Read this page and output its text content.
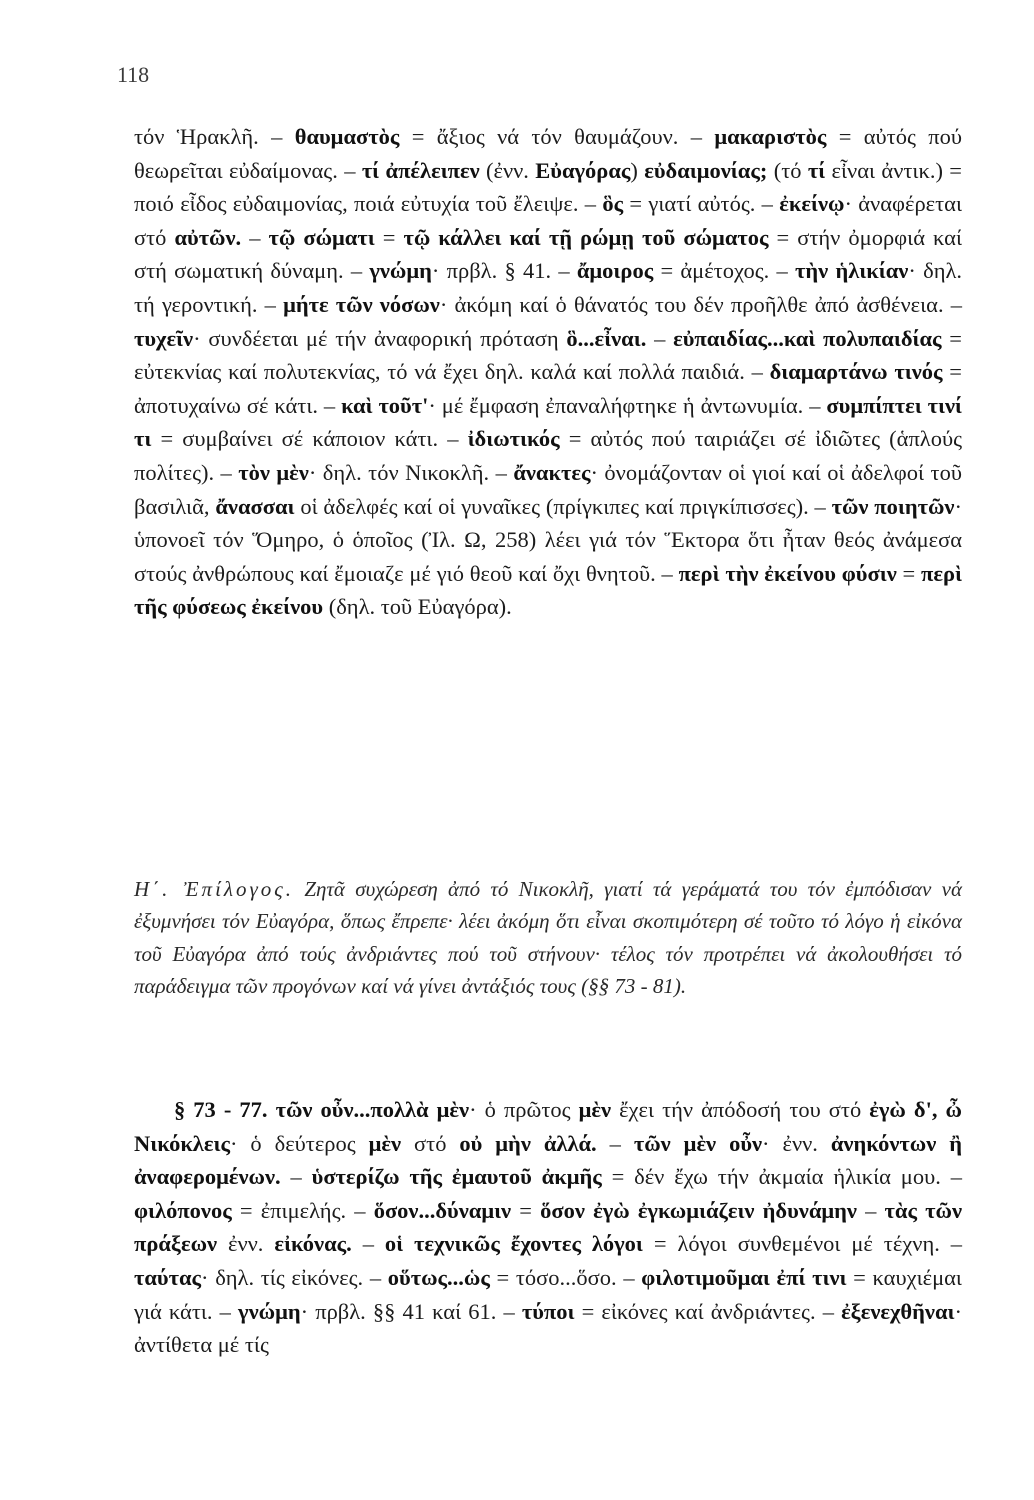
118
τόν Ἡρακλῆ. – θαυμαστὸς = ἄξιος νά τόν θαυμάζουν. – μακαριστὸς = αὐτός πού θεωρεῖται εὐδαίμονας. – τί ἀπέλειπεν (ἐνν. Εὐαγόρας) εὐδαιμονίας; (τό τί εἶναι ἀντικ.) = ποιό εἶδος εὐδαιμονίας, ποιά εὐτυχία τοῦ ἔλειψε. – ὃς = γιατί αὐτός. – ἐκείνῳ· ἀναφέρεται στό αὐτῶν. – τῷ σώματι = τῷ κάλλει καί τῇ ρώμῃ τοῦ σώματος = στήν ὀμορφιά καί στή σωματική δύναμη. – γνώμη· πρβλ. § 41. – ἄμοιρος = ἀμέτοχος. – τὴν ἡλικίαν· δηλ. τή γεροντική. – μήτε τῶν νόσων· ἀκόμη καί ὁ θάνατός του δέν προῆλθε ἀπό ἀσθένεια. – τυχεῖν· συνδέεται μέ τήν ἀναφορική πρόταση ὃ...εἶναι. – εὐπαιδίας...καὶ πολυπαιδίας = εὐτεκνίας καί πολυτεκνίας, τό νά ἔχει δηλ. καλά καί πολλά παιδιά. – διαμαρτάνω τινός = ἀποτυχαίνω σέ κάτι. – καὶ τοῦτ'· μέ ἔμφαση ἐπαναλήφτηκε ἡ ἀντωνυμία. – συμπίπτει τινί τι = συμβαίνει σέ κάποιον κάτι. – ἰδιωτικός = αὐτός πού ταιριάζει σέ ἰδιῶτες (ἁπλούς πολίτες). – τὸν μὲν· δηλ. τόν Νικοκλῆ. – ἄνακτες· ὀνομάζονταν οἱ γιοί καί οἱ ἀδελφοί τοῦ βασιλιᾶ, ἄνασσαι οἱ ἀδελφές καί οἱ γυναῖκες (πρίγκιπες καί πριγκίπισσες). – τῶν ποιητῶν· ὑπονοεῖ τόν Ὅμηρο, ὁ ὁποῖος (Ἰλ. Ω, 258) λέει γιά τόν Ἕκτορα ὅτι ἦταν θεός ἀνάμεσα στούς ἀνθρώπους καί ἔμοιαζε μέ γιό θεοῦ καί ὄχι θνητοῦ. – περὶ τὴν ἐκείνου φύσιν = περὶ τῆς φύσεως ἐκείνου (δηλ. τοῦ Εὐαγόρα).
Η΄. Ἐπίλογος. Ζητᾶ συχώρεση ἀπό τό Νικοκλῆ, γιατί τά γεράματά του τόν ἐμπόδισαν νά ἐξυμνήσει τόν Εὐαγόρα, ὅπως ἔπρεπε· λέει ἀκόμη ὅτι εἶναι σκοπιμότερη σέ τοῦτο τό λόγο ἡ εἰκόνα τοῦ Εὐαγόρα ἀπό τούς ἀνδριάντες πού τοῦ στήνουν· τέλος τόν προτρέπει νά ἀκολουθήσει τό παράδειγμα τῶν προγόνων καί νά γίνει ἀντάξιός τους (§§ 73 - 81).
§ 73 - 77. τῶν οὖν...πολλὰ μὲν· ὁ πρῶτος μὲν ἔχει τήν ἀπόδοσή του στό ἐγὼ δ', ὦ Νικόκλεις· ὁ δεύτερος μὲν στό οὐ μὴν ἀλλά. – τῶν μὲν οὖν· ἐνν. ἀνηκόντων ἢ ἀναφερομένων. – ὑστερίζω τῆς ἐμαυτοῦ ἀκμῆς = δέν ἔχω τήν ἀκμαία ἡλικία μου. – φιλόπονος = ἐπιμελής. – ὅσον...δύναμιν = ὅσον ἐγὼ ἐγκωμιάζειν ἠδυνάμην – τὰς τῶν πράξεων ἐνν. εἰκόνας. – οἱ τεχνικῶς ἔχοντες λόγοι = λόγοι συνθεμένοι μέ τέχνη. – ταύτας· δηλ. τίς εἰκόνες. – οὕτως...ὡς = τόσο...ὅσο. – φιλοτιμοῦμαι ἐπί τινι = καυχιέμαι γιά κάτι. – γνώμη· πρβλ. §§ 41 καί 61. – τύποι = εἰκόνες καί ἀνδριάντες. – ἐξενεχθῆναι· ἀντίθετα μέ τίς
